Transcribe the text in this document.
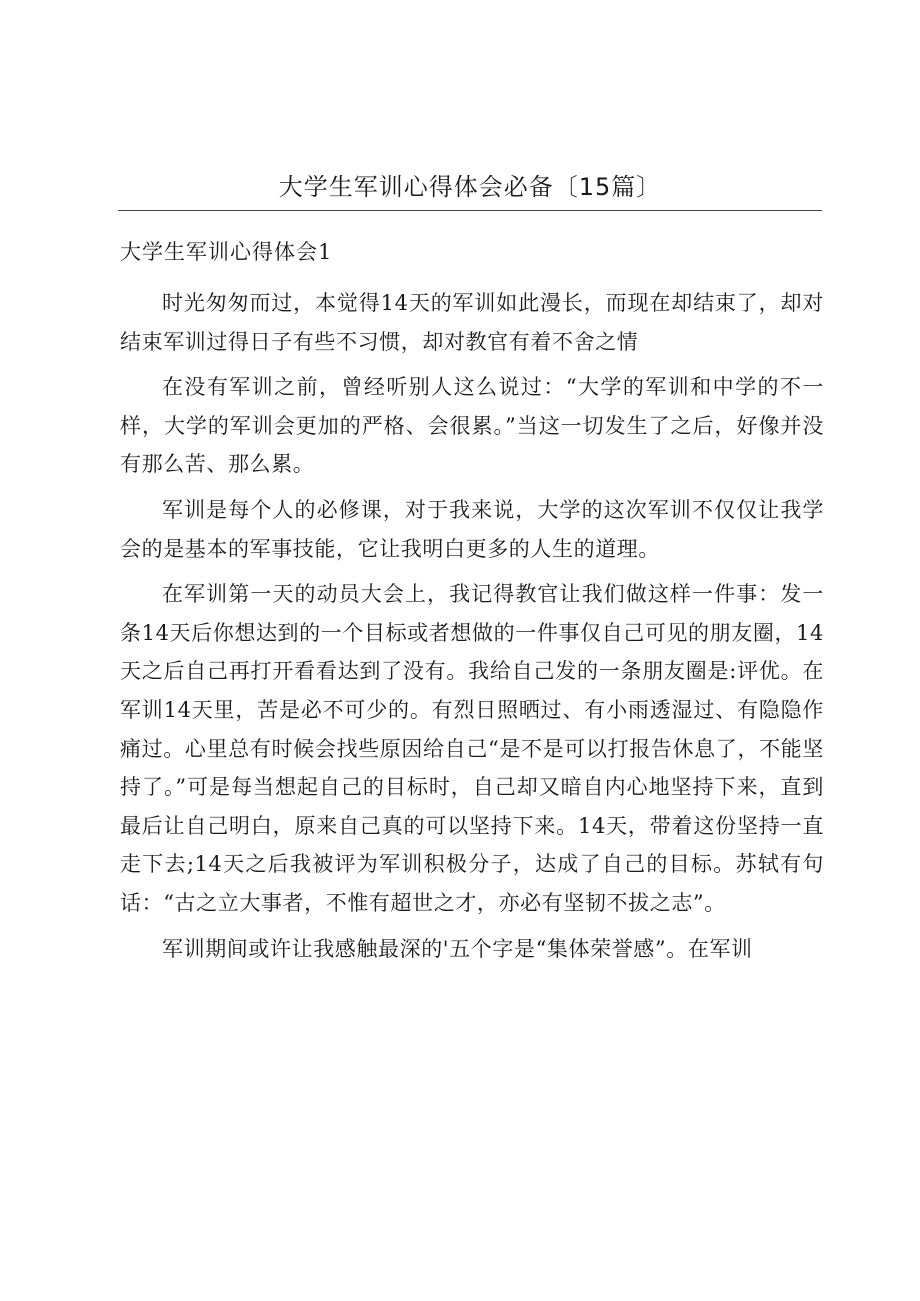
大学生军训心得体会必备〔15篇〕
大学生军训心得体会1

时光匆匆而过，本觉得14天的军训如此漫长，而现在却结束了，却对结束军训过得日子有些不习惯，却对教官有着不舍之情

在没有军训之前，曾经听别人这么说过：“大学的军训和中学的不一样，大学的军训会更加的严格、会很累。”当这一切发生了之后，好像并没有那么苦、那么累。

军训是每个人的必修课，对于我来说，大学的这次军训不仅仅让我学会的是基本的军事技能，它让我明白更多的人生的道理。

在军训第一天的动员大会上，我记得教官让我们做这样一件事：发一条14天后你想达到的一个目标或者想做的一件事仅自己可见的朋友圈，14天之后自己再打开看看达到了没有。我给自己发的一条朋友圈是:评优。在军训14天里，苦是必不可少的。有烈日照晒过、有小雨透湿过、有隐隐作痛过。心里总有时候会找些原因给自己“是不是可以打报告休息了，不能坚持了。”可是每当想起自己的目标时，自己却又暗自内心地坚持下来，直到最后让自己明白，原来自己真的可以坚持下来。14天，带着这份坚持一直走下去;14天之后我被评为军训积极分子，达成了自己的目标。苏轼有句话：“古之立大事者，不惟有超世之才，亦必有坚韧不拔之志”。

军训期间或许让我感触最深的'五个字是“集体荣誉感”。在军训
